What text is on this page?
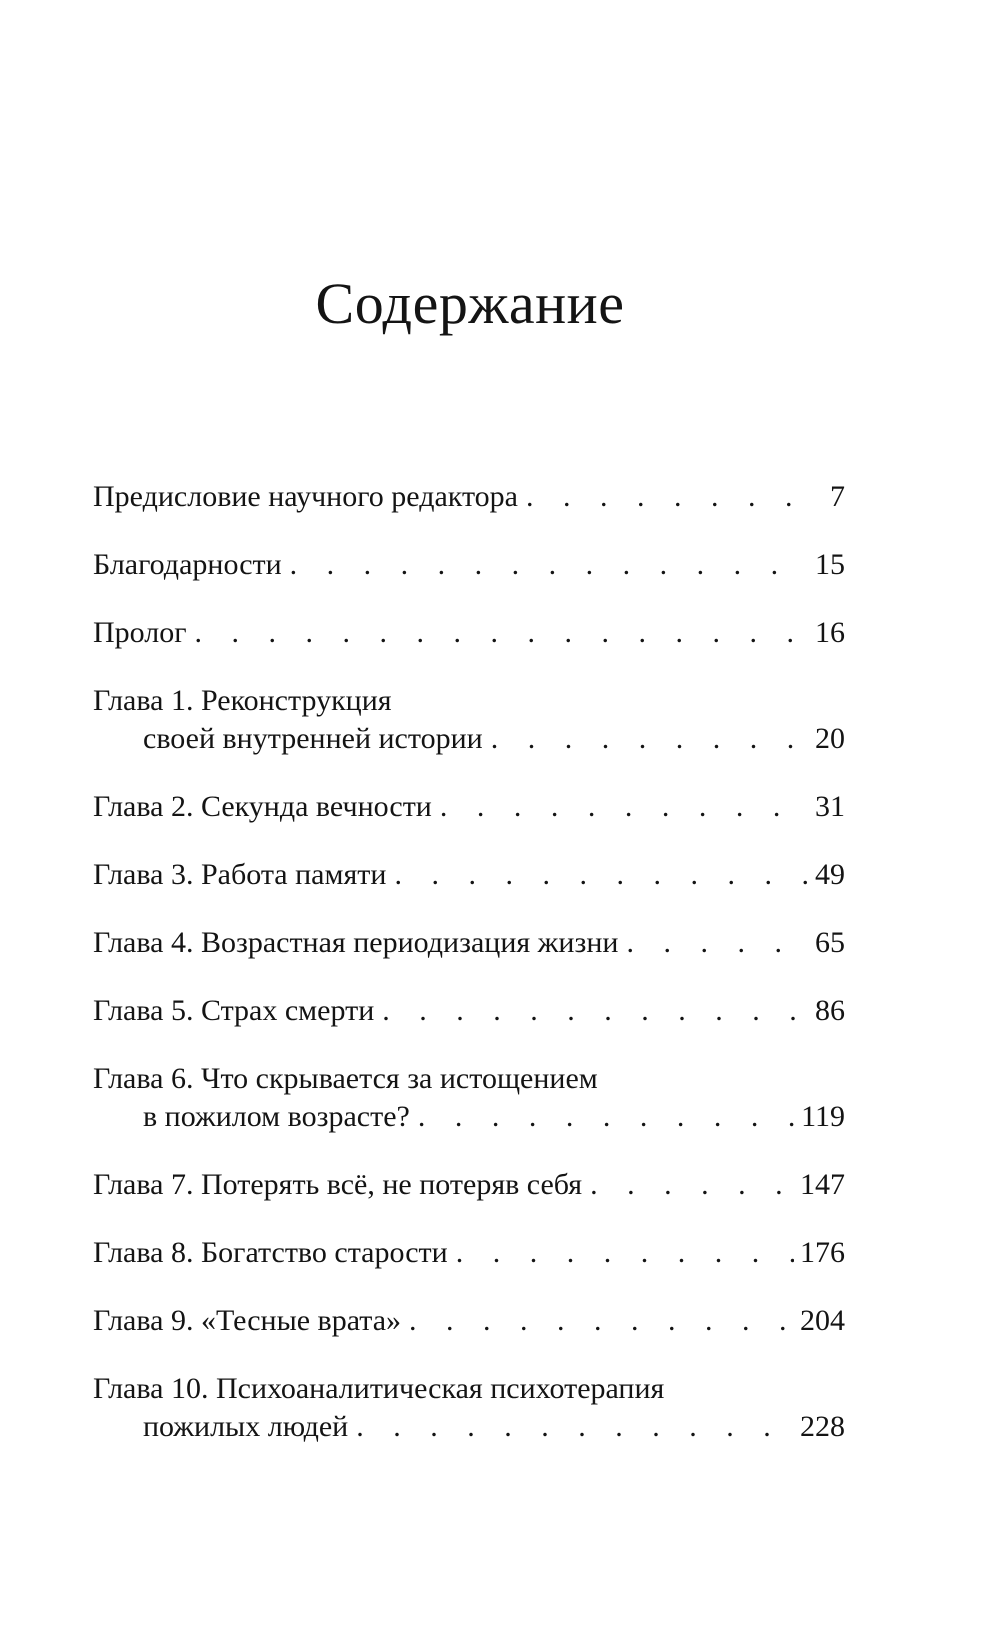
Содержание
Предисловие научного редактора . . .	7
Благодарности . . .	15
Пролог . . .	16
Глава 1. Реконструкция
своей внутренней истории . . .	20
Глава 2. Секунда вечности . . .	31
Глава 3. Работа памяти . . .	49
Глава 4. Возрастная периодизация жизни . . .	65
Глава 5. Страх смерти . . .	86
Глава 6. Что скрывается за истощением
в пожилом возрасте? . . .	119
Глава 7. Потерять всё, не потеряв себя . . .	147
Глава 8. Богатство старости . . .	176
Глава 9. «Тесные врата» . . .	204
Глава 10. Психоаналитическая психотерапия
пожилых людей . . .	228
